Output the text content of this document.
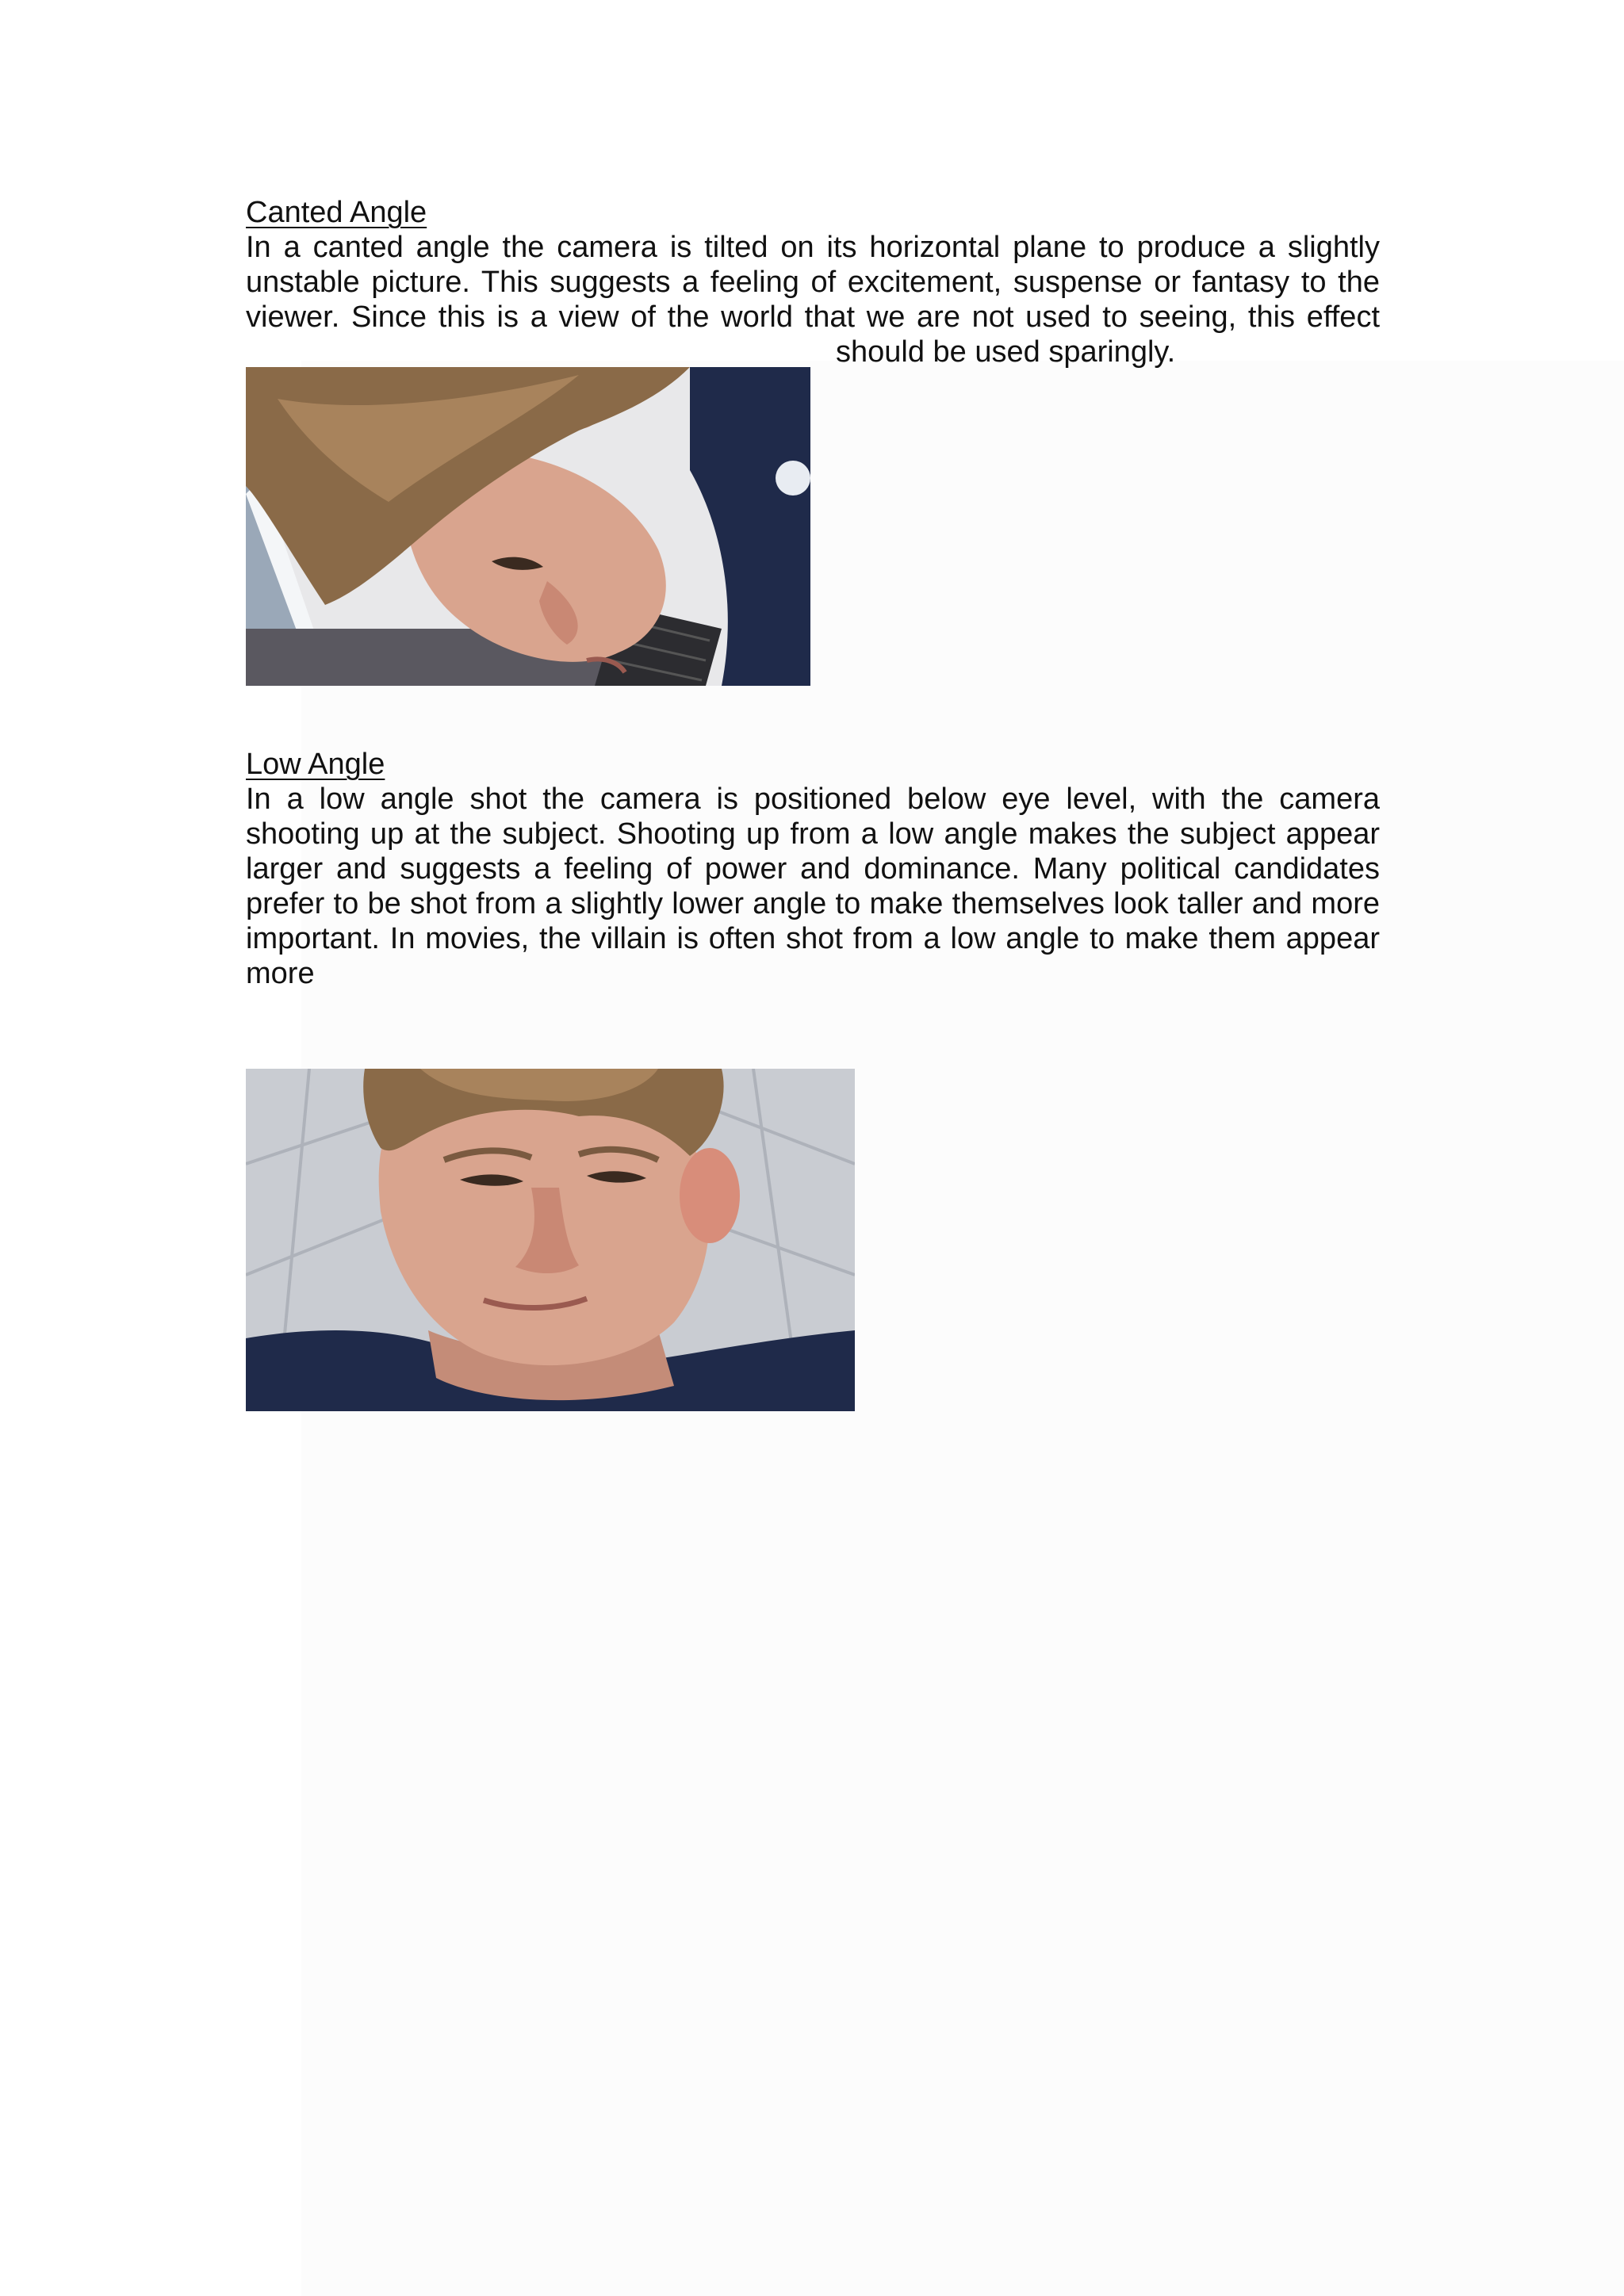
Canted Angle
In a canted angle the camera is tilted on its horizontal plane to produce a slightly unstable picture. This suggests a feeling of excitement, suspense or fantasy to the viewer. Since this is a view of the world that we are not used to seeing, this effect
should be used sparingly.
Low Angle
In a low angle shot the camera is positioned below eye level, with the camera shooting up at the subject. Shooting up from a low angle makes the subject appear larger and suggests a feeling of power and dominance. Many political candidates prefer to be shot from a slightly lower angle to make themselves look taller and more important. In movies, the villain is often shot from a low angle to make them appear more
